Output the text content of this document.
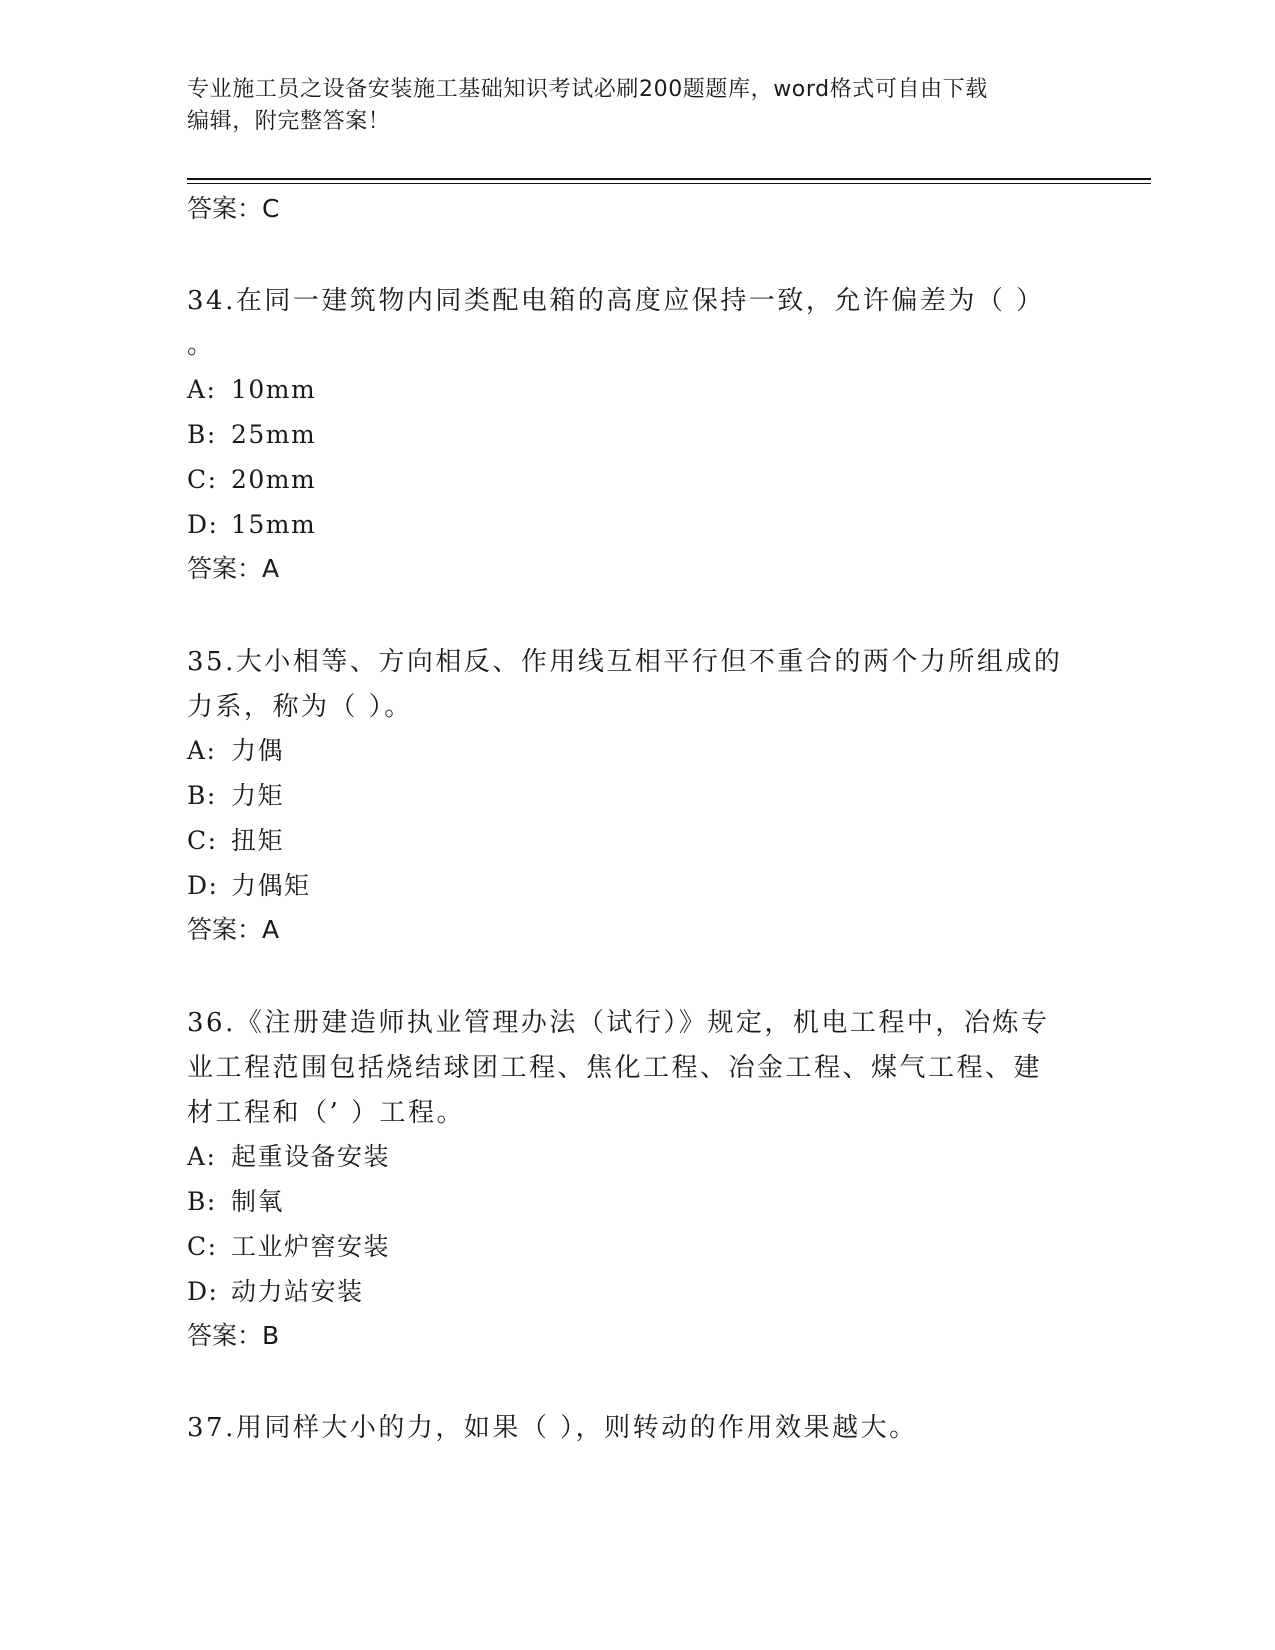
专业施工员之设备安装施工基础知识考试必刷200题题库，word格式可自由下载
编辑，附完整答案！
答案：C
34.在同一建筑物内同类配电箱的高度应保持一致，允许偏差为（ ）
。
A: 10mm
B: 25mm
C: 20mm
D: 15mm
答案：A
35.大小相等、方向相反、作用线互相平行但不重合的两个力所组成的
力系，称为（ ）。
A: 力偶
B: 力矩
C: 扭矩
D: 力偶矩
答案：A
36.《注册建造师执业管理办法（试行）》规定，机电工程中，冶炼专
业工程范围包括烧结球团工程、焦化工程、冶金工程、煤气工程、建
材工程和（’ ）工程。
A: 起重设备安装
B: 制氧
C: 工业炉窖安装
D: 动力站安装
答案：B
37.用同样大小的力，如果（ ），则转动的作用效果越大。
